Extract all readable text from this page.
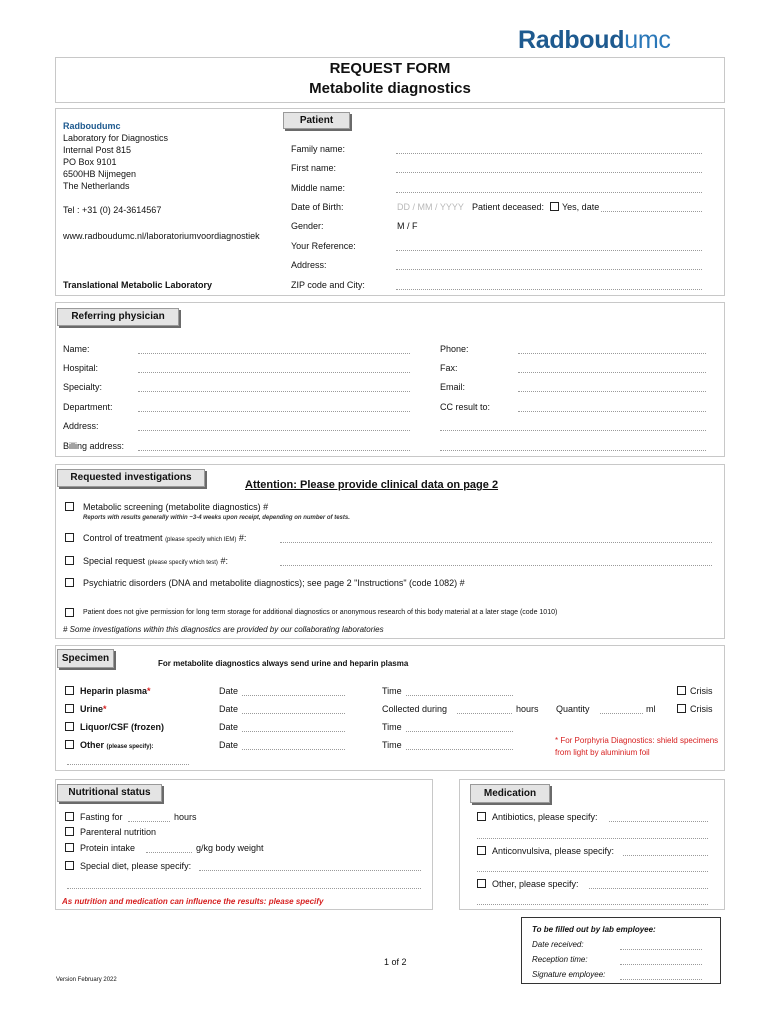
Radboudumc
REQUEST FORM
Metabolite diagnostics
Radboudumc
Laboratory for Diagnostics
Internal Post 815
PO Box 9101
6500HB Nijmegen
The Netherlands
Tel : +31 (0) 24-3614567
www.radboudumc.nl/laboratoriumvoordiagnostiek
Translational Metabolic Laboratory
Patient
Family name:
First name:
Middle name:
Date of Birth:	DD / MM / YYYY Patient deceased: Yes, date
Gender:	M / F
Your Reference:
Address:
ZIP code and City:
Referring physician
Name:
Hospital:
Specialty:
Department:
Address:
Billing address:
Phone:
Fax:
Email:
CC result to:
Requested investigations
Attention: Please provide clinical data on page 2
Metabolic screening (metabolite diagnostics) #
Reports with results generally within ~3-4 weeks upon receipt, depending on number of tests.
Control of treatment (please specify which IEM) #:
Special request (please specify which test) #:
Psychiatric disorders (DNA and metabolite diagnostics); see page 2 "Instructions" (code 1082) #
Patient does not give permission for long term storage for additional diagnostics or anonymous research of this body material at a later stage (code 1010)
# Some investigations within this diagnostics are provided by our collaborating laboratories
Specimen	For metabolite diagnostics always send urine and heparin plasma
Heparin plasma*	Date	Time	Crisis
Urine*	Date	Collected during	hours Quantity	ml	Crisis
Liquor/CSF (frozen)	Date	Time
Other (please specify):	Date	Time	* For Porphyria Diagnostics: shield specimens from light by aluminium foil
Nutritional status
Fasting for	hours
Parenteral nutrition
Protein intake	g/kg body weight
Special diet, please specify:
As nutrition and medication can influence the results: please specify
Medication
Antibiotics, please specify:
Anticonvulsiva, please specify:
Other, please specify:
To be filled out by lab employee:
Date received:
Reception time:
Signature employee:
1 of 2
Version February 2022
